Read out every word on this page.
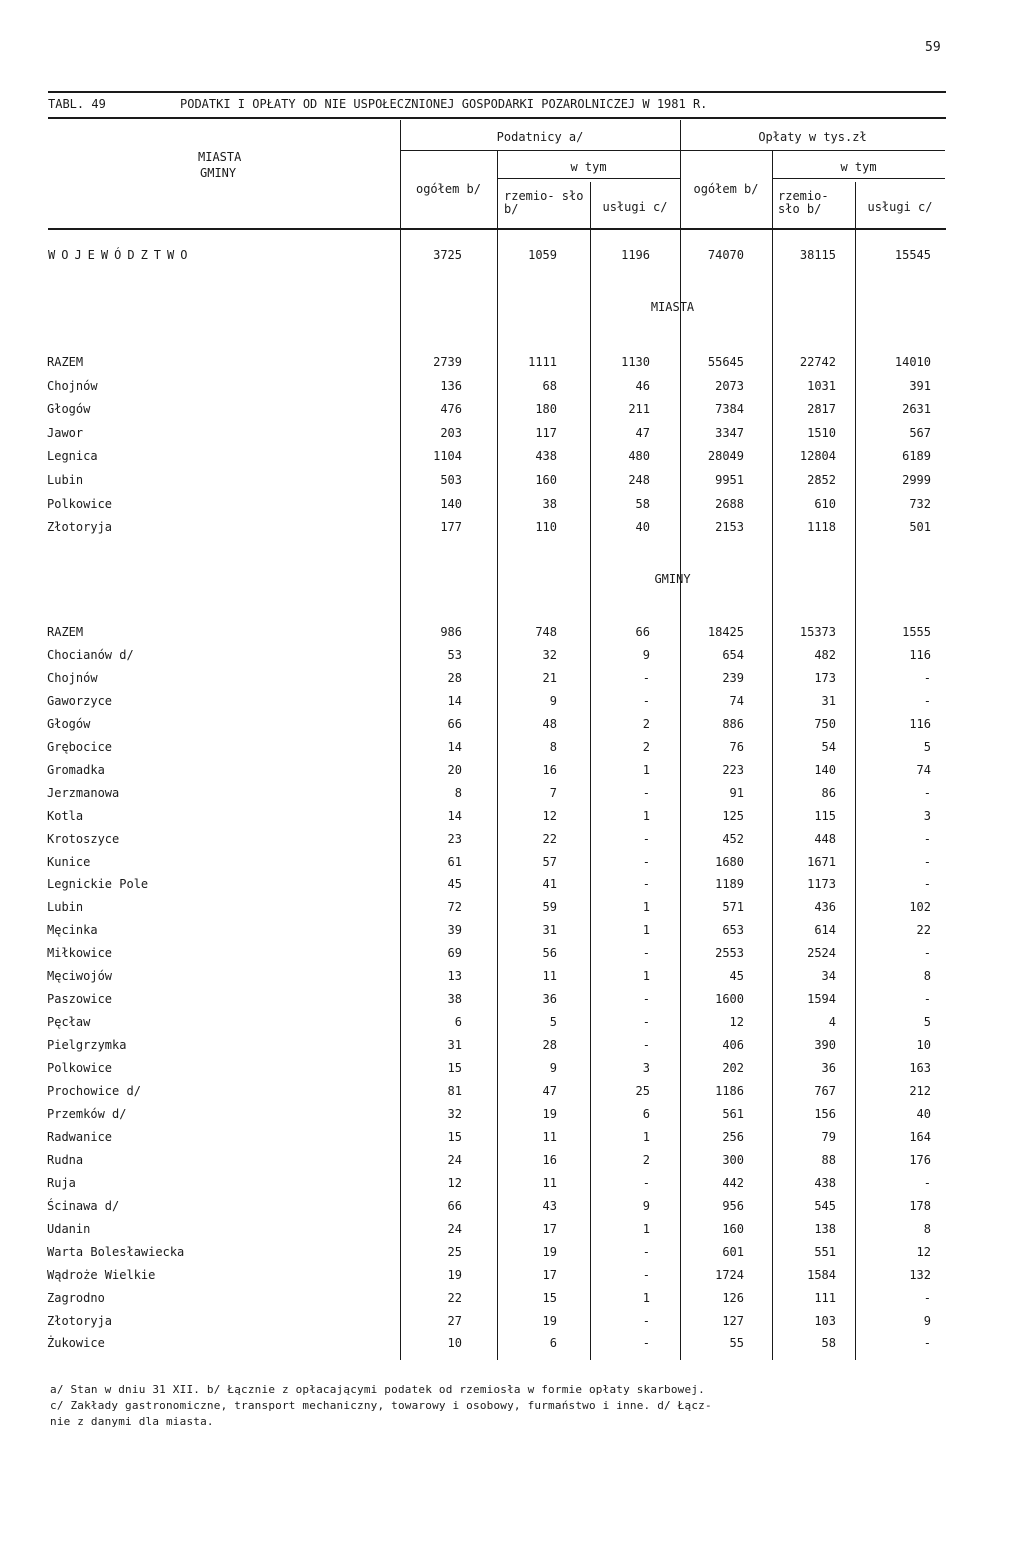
59
TABL. 49	PODATKI I OPŁATY OD NIE USPOŁECZNIONEJ GOSPODARKI POZAROLNICZEJ W 1981 R.
MIASTA
GMINY
Podatnicy a/	Opłaty w tys.zł
ogółem b/
w tym
ogółem b/
w tym
rzemio- sło b/	usługi c/
rzemio- sło b/	usługi c/
WOJEWÓDZTWO	3725	1059	1196	74070	38115	15545
MIASTA
RAZEM	2739	1111	1130	55645	22742	14010
Chojnów	136	68	46	2073	1031	391
Głogów	476	180	211	7384	2817	2631
Jawor	203	117	47	3347	1510	567
Legnica	1104	438	480	28049	12804	6189
Lubin	503	160	248	9951	2852	2999
Polkowice	140	38	58	2688	610	732
Złotoryja	177	110	40	2153	1118	501
GMINY
RAZEM	986	748	66	18425	15373	1555
Chocianów d/	53	32	9	654	482	116
Chojnów	28	21	-	239	173	-
Gaworzyce	14	9	-	74	31	-
Głogów	66	48	2	886	750	116
Grębocice	14	8	2	76	54	5
Gromadka	20	16	1	223	140	74
Jerzmanowa	8	7	-	91	86	-
Kotla	14	12	1	125	115	3
Krotoszyce	23	22	-	452	448	-
Kunice	61	57	-	1680	1671	-
Legnickie Pole	45	41	-	1189	1173	-
Lubin	72	59	1	571	436	102
Męcinka	39	31	1	653	614	22
Miłkowice	69	56	-	2553	2524	-
Męciwojów	13	11	1	45	34	8
Paszowice	38	36	-	1600	1594	-
Pęcław	6	5	-	12	4	5
Pielgrzymka	31	28	-	406	390	10
Polkowice	15	9	3	202	36	163
Prochowice d/	81	47	25	1186	767	212
Przemków d/	32	19	6	561	156	40
Radwanice	15	11	1	256	79	164
Rudna	24	16	2	300	88	176
Ruja	12	11	-	442	438	-
Ścinawa d/	66	43	9	956	545	178
Udanin	24	17	1	160	138	8
Warta Bolesławiecka	25	19	-	601	551	12
Wądroże Wielkie	19	17	-	1724	1584	132
Zagrodno	22	15	1	126	111	-
Złotoryja	27	19	-	127	103	9
Żukowice	10	6	-	55	58	-
a/ Stan w dniu 31 XII. b/ Łącznie z opłacającymi podatek od rzemiosła w formie opłaty skarbowej.
c/ Zakłady gastronomiczne, transport mechaniczny, towarowy i osobowy, furmaństwo i inne. d/ Łącz-
nie z danymi dla miasta.
